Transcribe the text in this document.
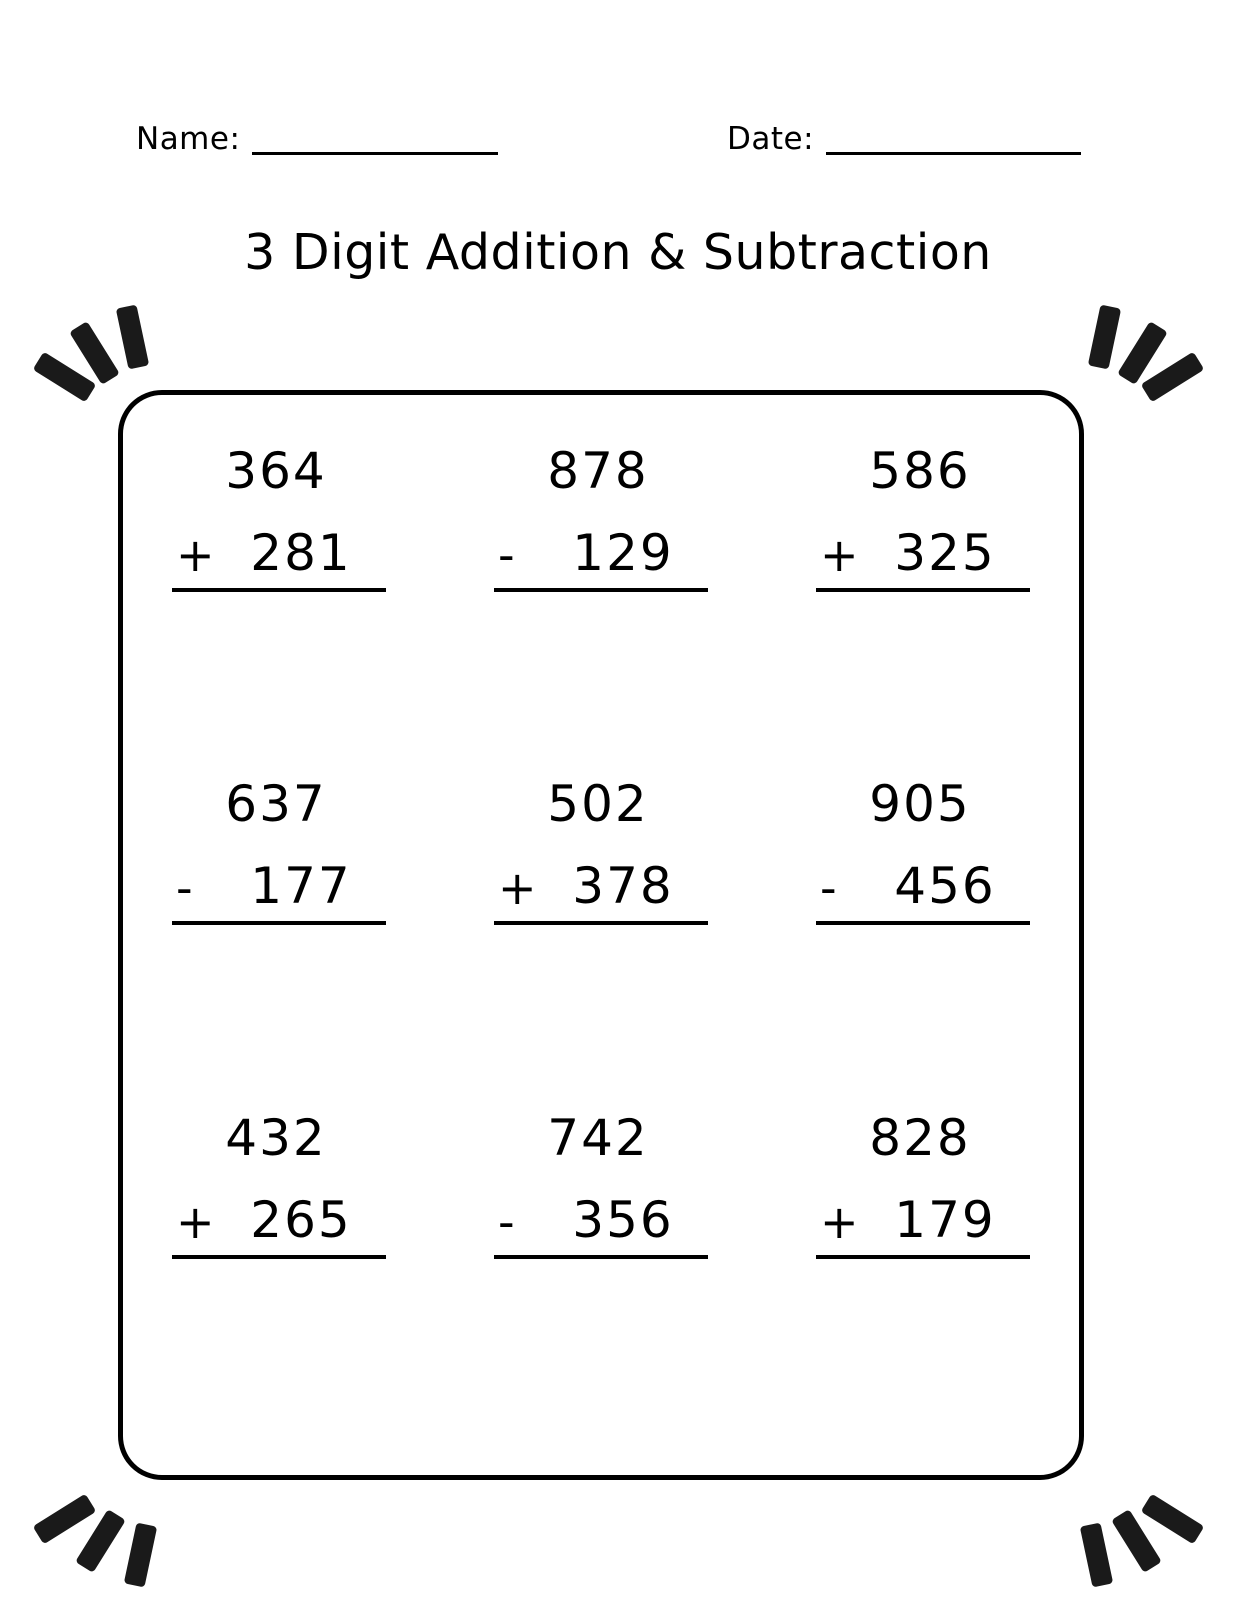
Name:	Date:
3 Digit Addition & Subtraction
364
+ 281
878
-	129
586
+ 325
637
-	177
502
+ 378
905
-	456
432
+ 265
742
-	356
828
+ 179
